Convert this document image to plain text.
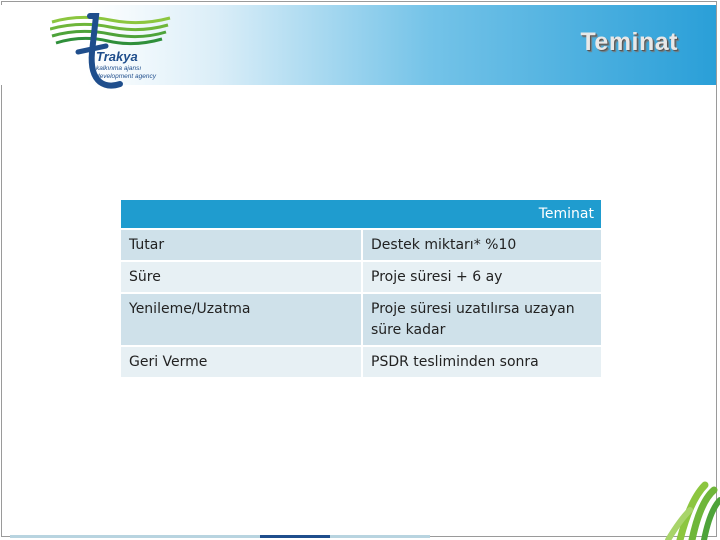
Trakya
kalkınma ajansı
development agency
Teminat
Teminat	
Tutar	Destek miktarı* %10
Süre	Proje süresi + 6 ay
Yenileme/Uzatma	Proje süresi uzatılırsa uzayan süre kadar
Geri Verme	PSDR tesliminden sonra
